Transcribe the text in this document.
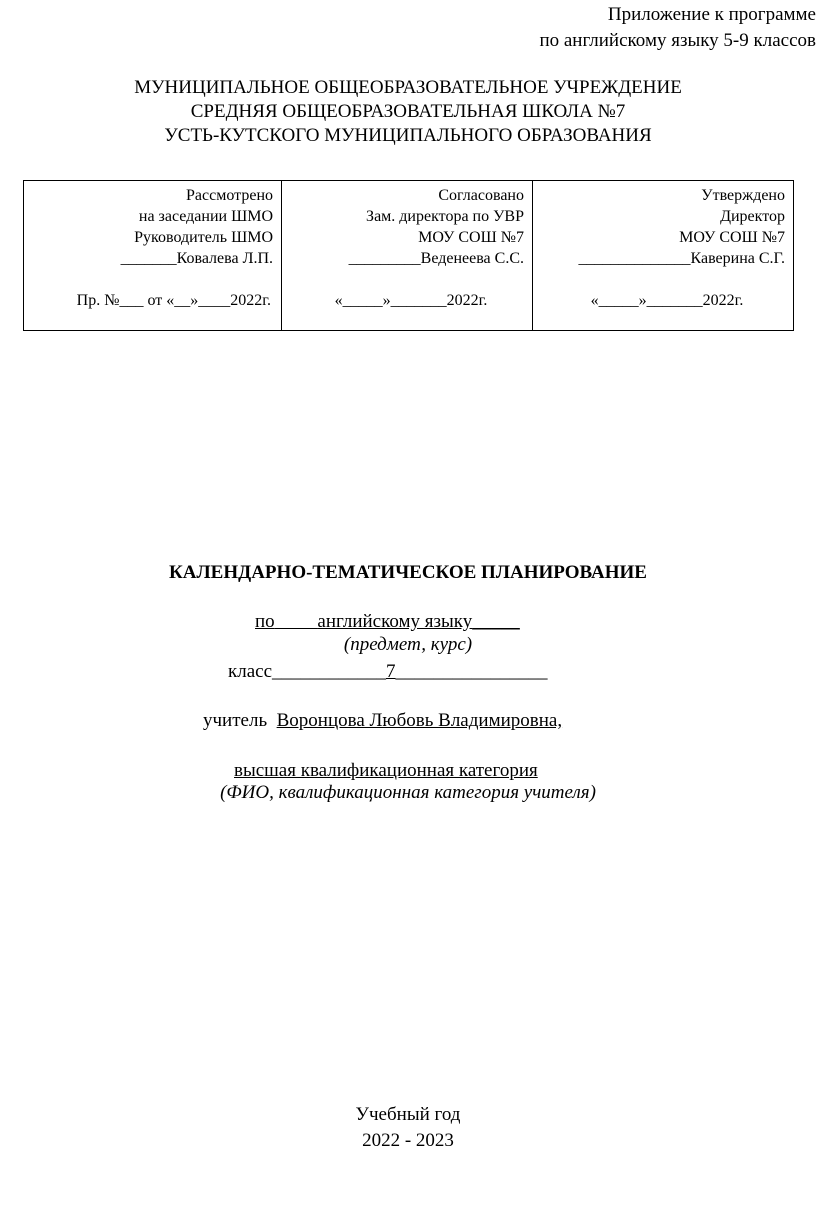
Приложение к программе
по английскому языку 5-9 классов
МУНИЦИПАЛЬНОЕ ОБЩЕОБРАЗОВАТЕЛЬНОЕ УЧРЕЖДЕНИЕ
СРЕДНЯЯ ОБЩЕОБРАЗОВАТЕЛЬНАЯ ШКОЛА №7
УСТЬ-КУТСКОГО МУНИЦИПАЛЬНОГО ОБРАЗОВАНИЯ
Рассмотрено
на заседании ШМО
Руководитель ШМО
_______Ковалева Л.П.
Пр. №___ от «__»____2022г.
Согласовано
Зам. директора по УВР
МОУ СОШ №7
_________Веденеева С.С.
«_____»_______2022г.
Утверждено
Директор
МОУ СОШ №7
______________Каверина С.Г.
«_____»_______2022г.
КАЛЕНДАРНО-ТЕМАТИЧЕСКОЕ ПЛАНИРОВАНИЕ
по английскому языку_____
(предмет, курс)
класс____________7________________
учитель Воронцова Любовь Владимировна,
высшая квалификационная категория
(ФИО, квалификационная категория учителя)
Учебный год
2022 - 2023
